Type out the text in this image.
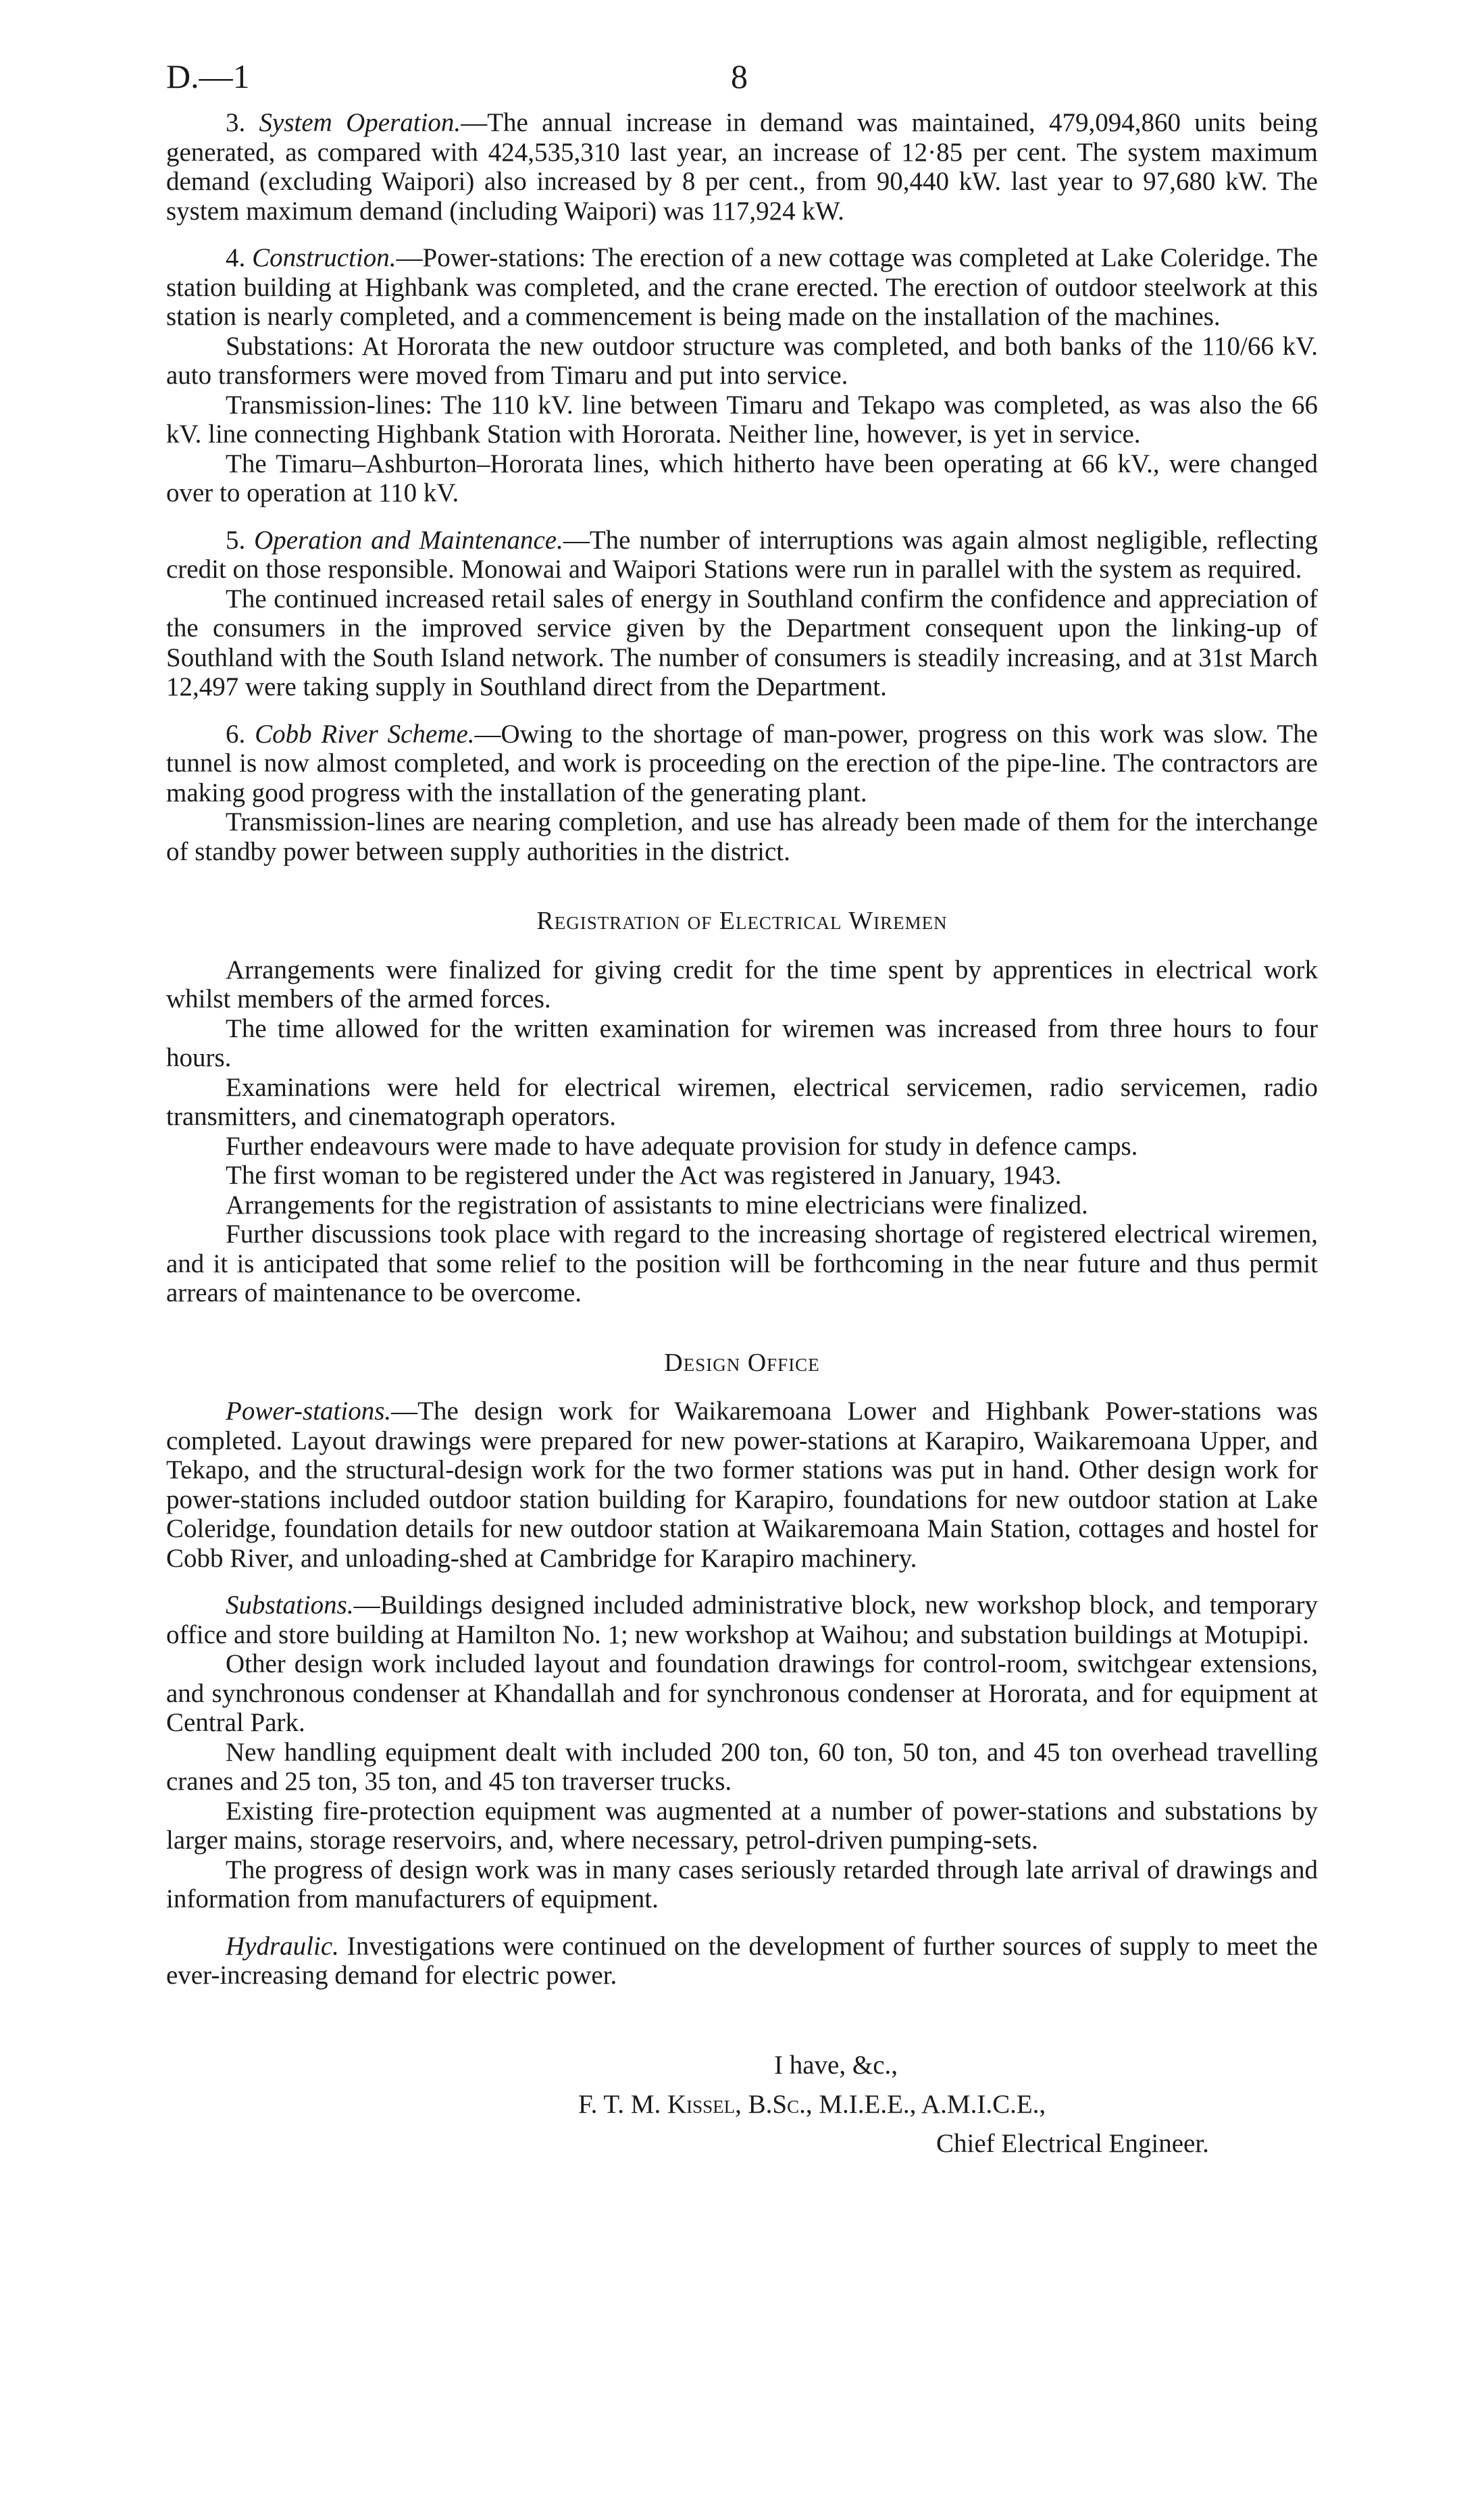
D.—1	8

3. System Operation.—The annual increase in demand was maintained, 479,094,860 units being generated, as compared with 424,535,310 last year, an increase of 12·85 per cent. The system maximum demand (excluding Waipori) also increased by 8 per cent., from 90,440 kW. last year to 97,680 kW. The system maximum demand (including Waipori) was 117,924 kW.

4. Construction.—Power-stations: The erection of a new cottage was completed at Lake Coleridge. The station building at Highbank was completed, and the crane erected. The erection of outdoor steelwork at this station is nearly completed, and a commencement is being made on the installation of the machines.

Substations: At Hororata the new outdoor structure was completed, and both banks of the 110/66 kV. auto transformers were moved from Timaru and put into service.

Transmission-lines: The 110 kV. line between Timaru and Tekapo was completed, as was also the 66 kV. line connecting Highbank Station with Hororata. Neither line, however, is yet in service.

The Timaru–Ashburton–Hororata lines, which hitherto have been operating at 66 kV., were changed over to operation at 110 kV.

5. Operation and Maintenance.—The number of interruptions was again almost negligible, reflecting credit on those responsible. Monowai and Waipori Stations were run in parallel with the system as required.

The continued increased retail sales of energy in Southland confirm the confidence and appreciation of the consumers in the improved service given by the Department consequent upon the linking-up of Southland with the South Island network. The number of consumers is steadily increasing, and at 31st March 12,497 were taking supply in Southland direct from the Department.

6. Cobb River Scheme.—Owing to the shortage of man-power, progress on this work was slow. The tunnel is now almost completed, and work is proceeding on the erection of the pipe-line. The contractors are making good progress with the installation of the generating plant.

Transmission-lines are nearing completion, and use has already been made of them for the interchange of standby power between supply authorities in the district.

Registration of Electrical Wiremen

Arrangements were finalized for giving credit for the time spent by apprentices in electrical work whilst members of the armed forces.

The time allowed for the written examination for wiremen was increased from three hours to four hours.

Examinations were held for electrical wiremen, electrical servicemen, radio servicemen, radio transmitters, and cinematograph operators.

Further endeavours were made to have adequate provision for study in defence camps.

The first woman to be registered under the Act was registered in January, 1943.

Arrangements for the registration of assistants to mine electricians were finalized.

Further discussions took place with regard to the increasing shortage of registered electrical wiremen, and it is anticipated that some relief to the position will be forthcoming in the near future and thus permit arrears of maintenance to be overcome.

Design Office

Power-stations.—The design work for Waikaremoana Lower and Highbank Power-stations was completed. Layout drawings were prepared for new power-stations at Karapiro, Waikaremoana Upper, and Tekapo, and the structural-design work for the two former stations was put in hand. Other design work for power-stations included outdoor station building for Karapiro, foundations for new outdoor station at Lake Coleridge, foundation details for new outdoor station at Waikaremoana Main Station, cottages and hostel for Cobb River, and unloading-shed at Cambridge for Karapiro machinery.

Substations.—Buildings designed included administrative block, new workshop block, and temporary office and store building at Hamilton No. 1; new workshop at Waihou; and substation buildings at Motupipi.

Other design work included layout and foundation drawings for control-room, switchgear extensions, and synchronous condenser at Khandallah and for synchronous condenser at Hororata, and for equipment at Central Park.

New handling equipment dealt with included 200 ton, 60 ton, 50 ton, and 45 ton overhead travelling cranes and 25 ton, 35 ton, and 45 ton traverser trucks.

Existing fire-protection equipment was augmented at a number of power-stations and substations by larger mains, storage reservoirs, and, where necessary, petrol-driven pumping-sets.

The progress of design work was in many cases seriously retarded through late arrival of drawings and information from manufacturers of equipment.

Hydraulic. Investigations were continued on the development of further sources of supply to meet the ever-increasing demand for electric power.

I have, &c.,
F. T. M. Kissel, B.Sc., M.I.E.E., A.M.I.C.E.,
Chief Electrical Engineer.
